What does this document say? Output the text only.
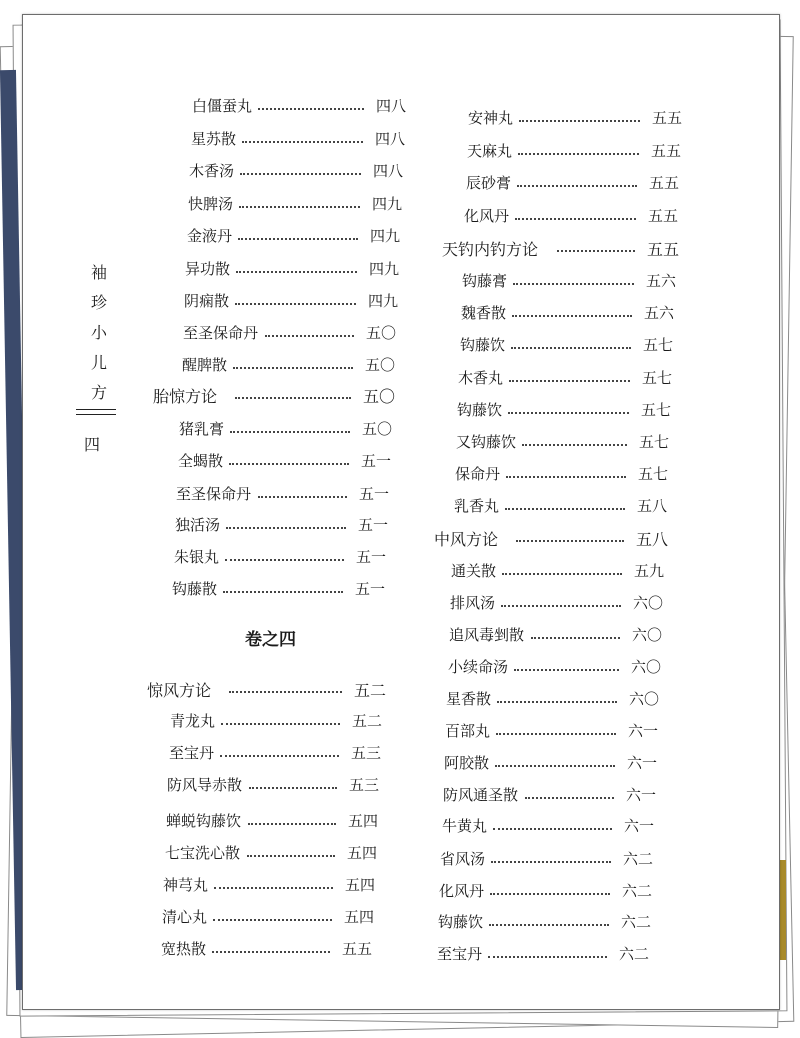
袖
珍
小
儿
方
四
卷之四
白僵蚕丸	四八
星苏散	四八
木香汤	四八
快脾汤	四九
金液丹	四九
异功散	四九
阴痫散	四九
至圣保命丹	五〇
醒脾散	五〇
胎惊方论	五〇
猪乳膏	五〇
全蝎散	五一
至圣保命丹	五一
独活汤	五一
朱银丸	五一
钩藤散	五一
惊风方论	五二
青龙丸	五二
至宝丹	五三
防风导赤散	五三
蝉蜕钩藤饮	五四
七宝洗心散	五四
神芎丸	五四
清心丸	五四
宽热散	五五
安神丸	五五
天麻丸	五五
辰砂膏	五五
化风丹	五五
天钓内钓方论	五五
钩藤膏	五六
魏香散	五六
钩藤饮	五七
木香丸	五七
钩藤饮	五七
又钩藤饮	五七
保命丹	五七
乳香丸	五八
中风方论	五八
通关散	五九
排风汤	六〇
追风毒剉散	六〇
小续命汤	六〇
星香散	六〇
百部丸	六一
阿胶散	六一
防风通圣散	六一
牛黄丸	六一
省风汤	六二
化风丹	六二
钩藤饮	六二
至宝丹	六二
